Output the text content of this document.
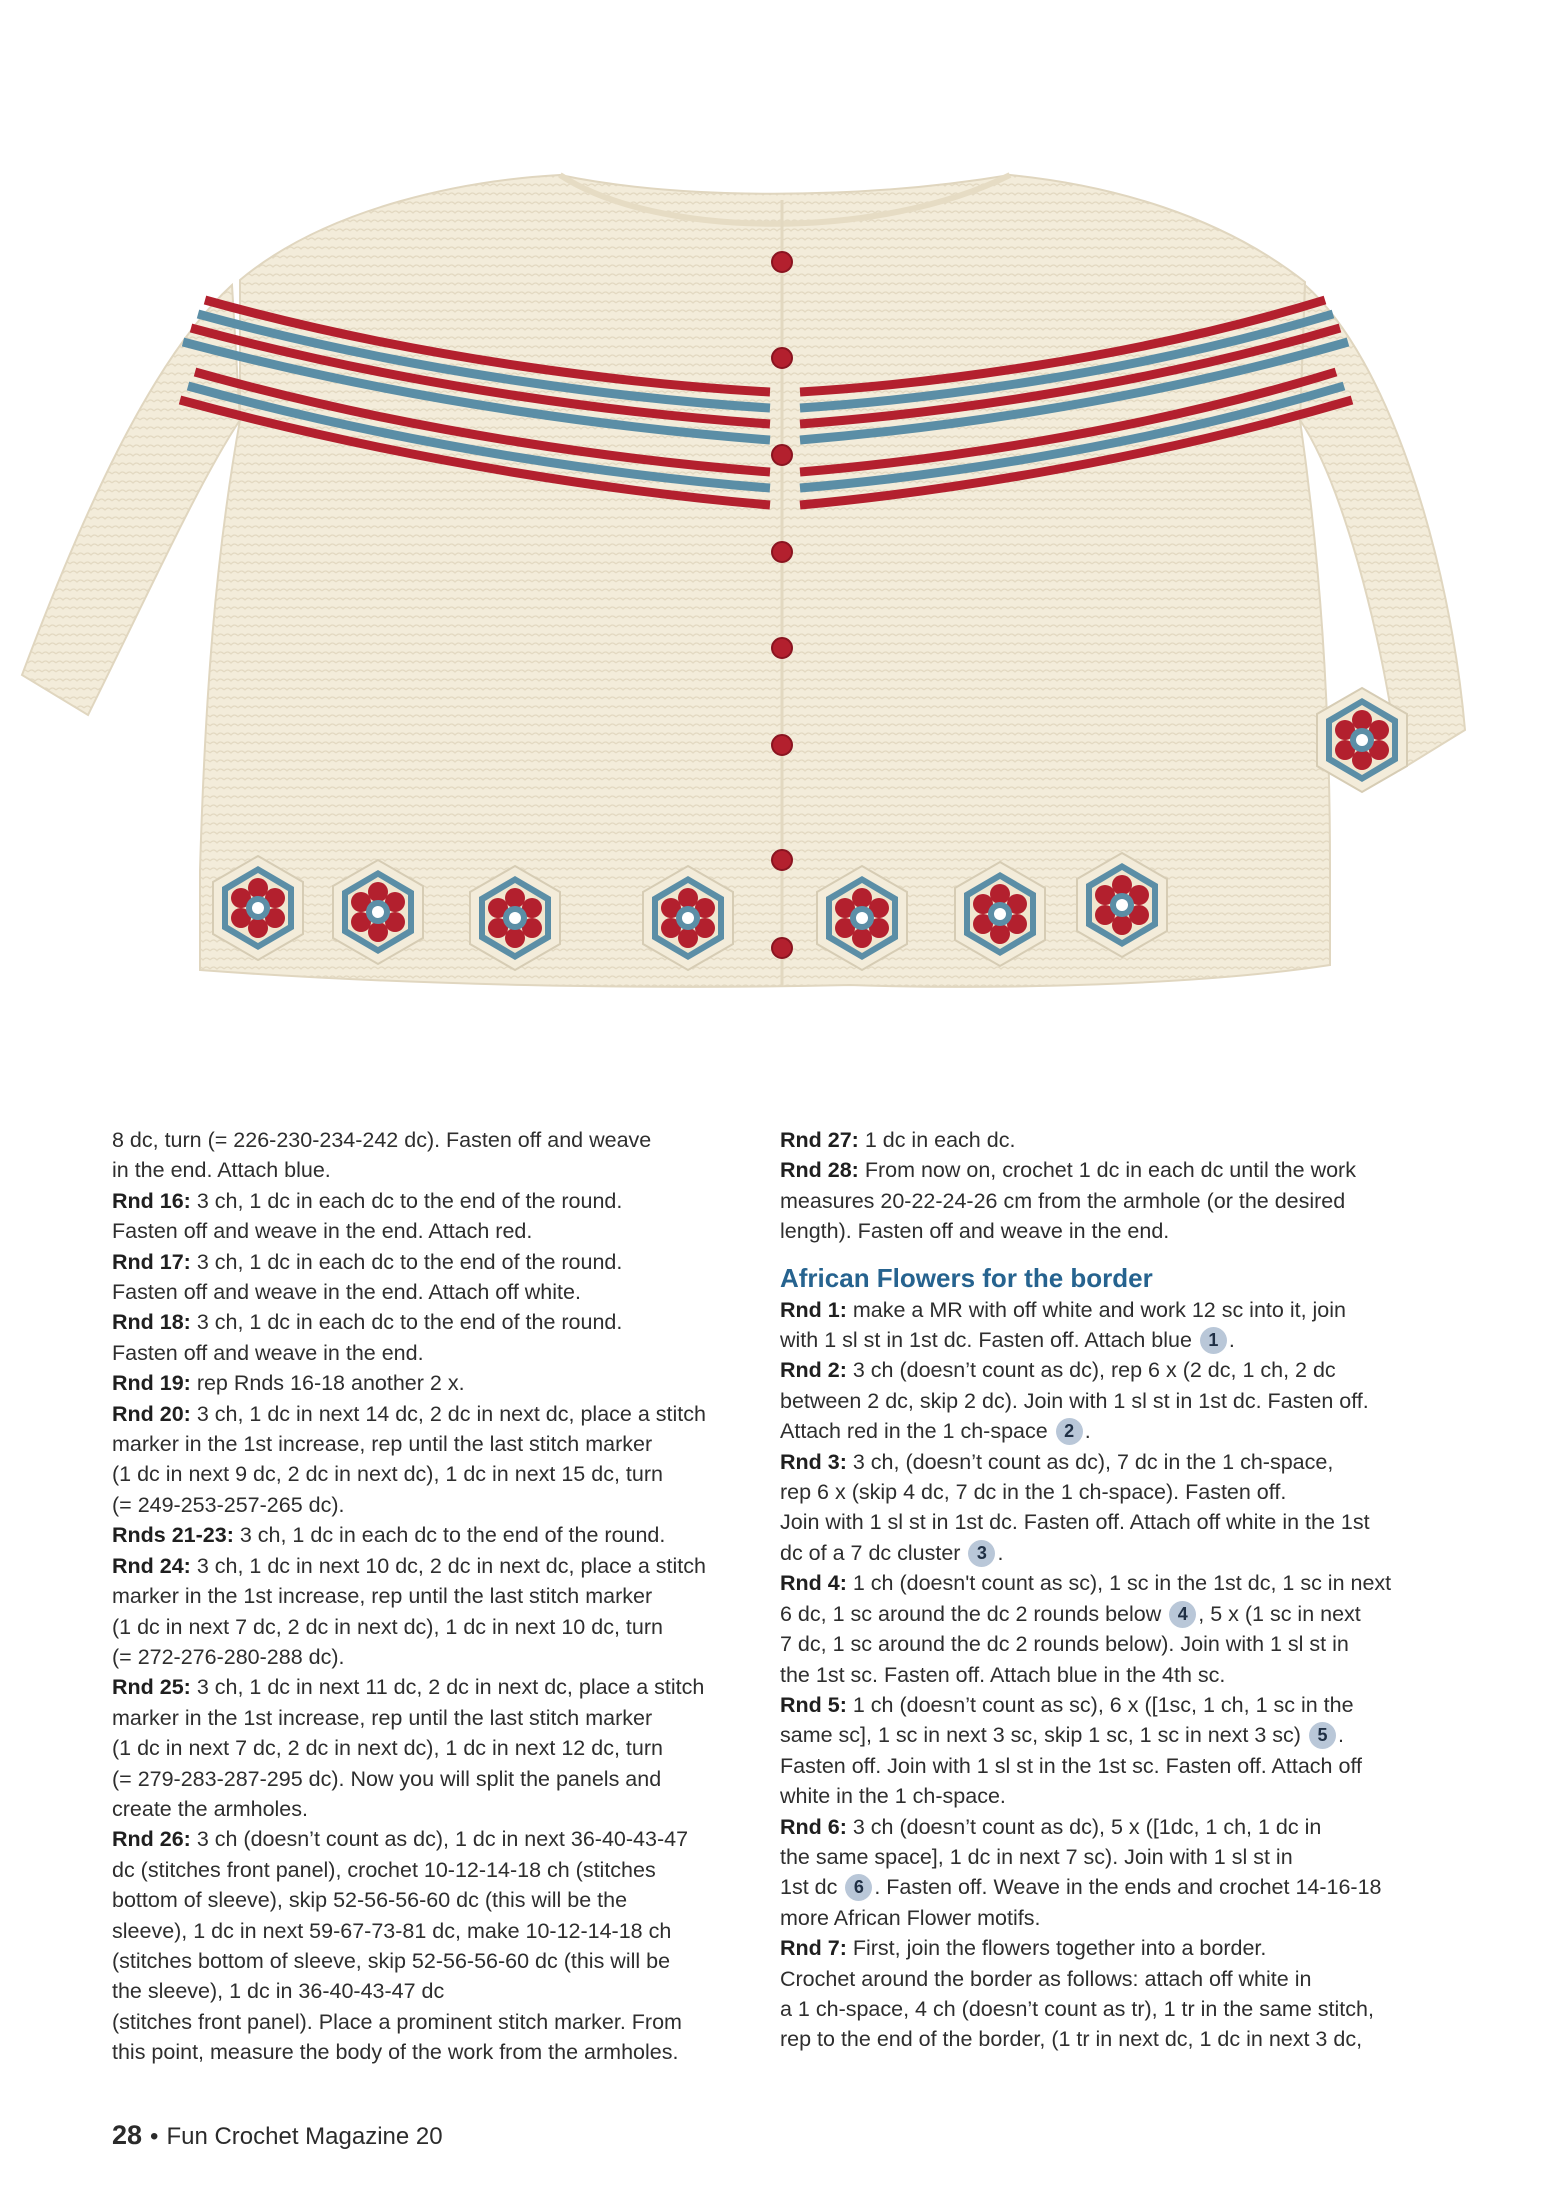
8 dc, turn (= 226-230-234-242 dc). Fasten off and weave
in the end. Attach blue.
Rnd 16: 3 ch, 1 dc in each dc to the end of the round.
Fasten off and weave in the end. Attach red.
Rnd 17: 3 ch, 1 dc in each dc to the end of the round.
Fasten off and weave in the end. Attach off white.
Rnd 18: 3 ch, 1 dc in each dc to the end of the round.
Fasten off and weave in the end.
Rnd 19: rep Rnds 16-18 another 2 x.
Rnd 20: 3 ch, 1 dc in next 14 dc, 2 dc in next dc, place a stitch
marker in the 1st increase, rep until the last stitch marker
(1 dc in next 9 dc, 2 dc in next dc), 1 dc in next 15 dc, turn
(= 249-253-257-265 dc).
Rnds 21-23: 3 ch, 1 dc in each dc to the end of the round.
Rnd 24: 3 ch, 1 dc in next 10 dc, 2 dc in next dc, place a stitch
marker in the 1st increase, rep until the last stitch marker
(1 dc in next 7 dc, 2 dc in next dc), 1 dc in next 10 dc, turn
(= 272-276-280-288 dc).
Rnd 25: 3 ch, 1 dc in next 11 dc, 2 dc in next dc, place a stitch
marker in the 1st increase, rep until the last stitch marker
(1 dc in next 7 dc, 2 dc in next dc), 1 dc in next 12 dc, turn
(= 279-283-287-295 dc). Now you will split the panels and
create the armholes.
Rnd 26: 3 ch (doesn’t count as dc), 1 dc in next 36-40-43-47
dc (stitches front panel), crochet 10-12-14-18 ch (stitches
bottom of sleeve), skip 52-56-56-60 dc (this will be the
sleeve), 1 dc in next 59-67-73-81 dc, make 10-12-14-18 ch
(stitches bottom of sleeve, skip 52-56-56-60 dc (this will be
the sleeve), 1 dc in 36-40-43-47 dc
(stitches front panel). Place a prominent stitch marker. From
this point, measure the body of the work from the armholes.
Rnd 27: 1 dc in each dc.
Rnd 28: From now on, crochet 1 dc in each dc until the work
measures 20-22-24-26 cm from the armhole (or the desired
length). Fasten off and weave in the end.
African Flowers for the border
Rnd 1: make a MR with off white and work 12 sc into it, join
with 1 sl st in 1st dc. Fasten off. Attach blue 1 .
Rnd 2: 3 ch (doesn’t count as dc), rep 6 x (2 dc, 1 ch, 2 dc
between 2 dc, skip 2 dc). Join with 1 sl st in 1st dc. Fasten off.
Attach red in the 1 ch-space 2 .
Rnd 3: 3 ch, (doesn’t count as dc), 7 dc in the 1 ch-space,
rep 6 x (skip 4 dc, 7 dc in the 1 ch-space). Fasten off.
Join with 1 sl st in 1st dc. Fasten off. Attach off white in the 1st
dc of a 7 dc cluster 3 .
Rnd 4: 1 ch (doesn't count as sc), 1 sc in the 1st dc, 1 sc in next
6 dc, 1 sc around the dc 2 rounds below 4 , 5 x (1 sc in next
7 dc, 1 sc around the dc 2 rounds below). Join with 1 sl st in
the 1st sc. Fasten off. Attach blue in the 4th sc.
Rnd 5: 1 ch (doesn’t count as sc), 6 x ([1sc, 1 ch, 1 sc in the
same sc], 1 sc in next 3 sc, skip 1 sc, 1 sc in next 3 sc) 5 .
Fasten off. Join with 1 sl st in the 1st sc. Fasten off. Attach off
white in the 1 ch-space.
Rnd 6: 3 ch (doesn’t count as dc), 5 x ([1dc, 1 ch, 1 dc in
the same space], 1 dc in next 7 sc). Join with 1 sl st in
1st dc 6 . Fasten off. Weave in the ends and crochet 14-16-18
more African Flower motifs.
Rnd 7: First, join the flowers together into a border.
Crochet around the border as follows: attach off white in
a 1 ch-space, 4 ch (doesn’t count as tr), 1 tr in the same stitch,
rep to the end of the border, (1 tr in next dc, 1 dc in next 3 dc,
28 • Fun Crochet Magazine 20
